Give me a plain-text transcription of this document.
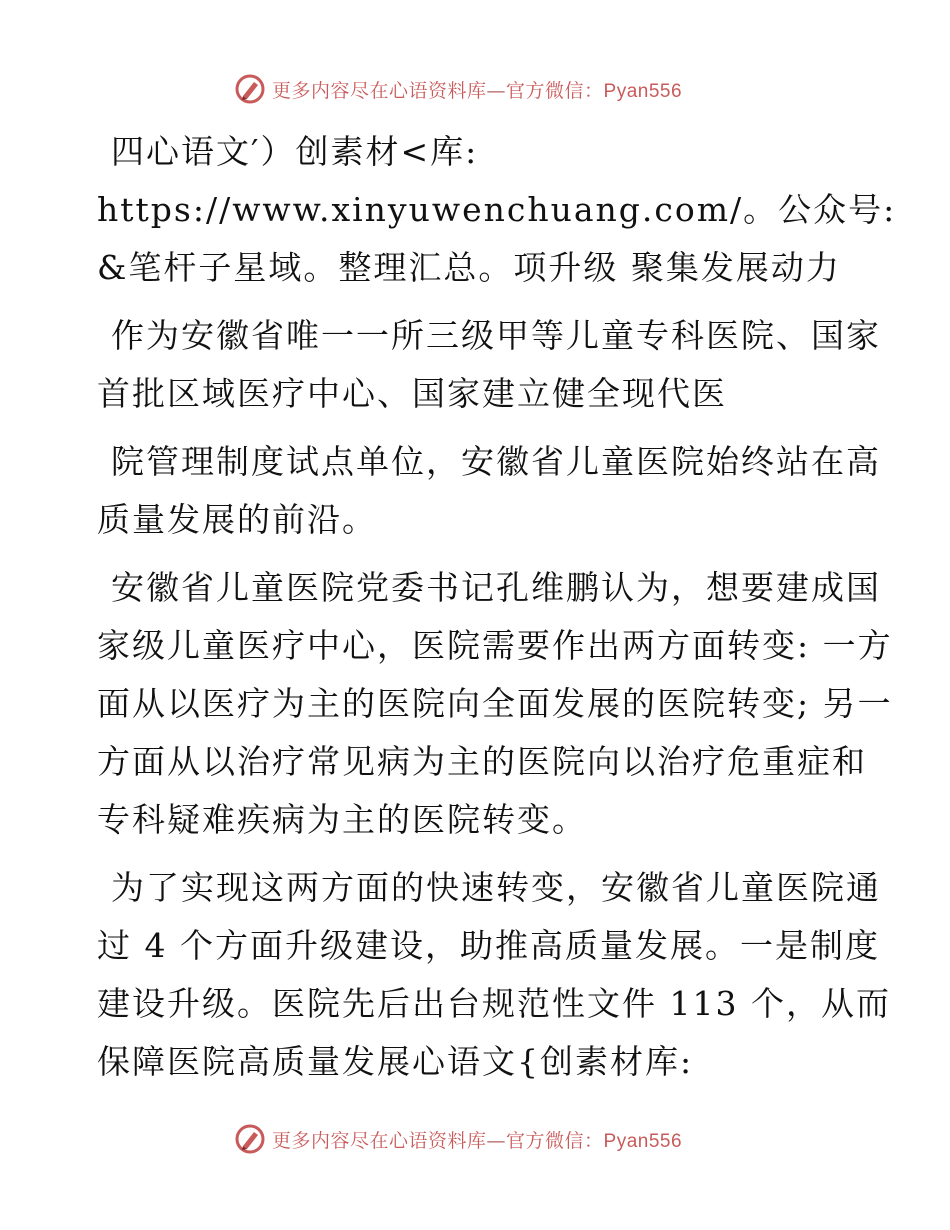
更多内容尽在心语资料库—官方微信：Pyan556

四心语文′）创素材<库: https://www.xinyuwenchuang.com/。公众号: &笔杆子星域。整理汇总。项升级 聚集发展动力

作为安徽省唯一一所三级甲等儿童专科医院、国家首批区域医疗中心、国家建立健全现代医

院管理制度试点单位，安徽省儿童医院始终站在高质量发展的前沿。

安徽省儿童医院党委书记孔维鹏认为，想要建成国家级儿童医疗中心，医院需要作出两方面转变: 一方面从以医疗为主的医院向全面发展的医院转变; 另一方面从以治疗常见病为主的医院向以治疗危重症和专科疑难疾病为主的医院转变。

为了实现这两方面的快速转变，安徽省儿童医院通过 4 个方面升级建设，助推高质量发展。一是制度建设升级。医院先后出台规范性文件 113 个，从而保障医院高质量发展心语文{创素材库:

更多内容尽在心语资料库—官方微信：Pyan556
